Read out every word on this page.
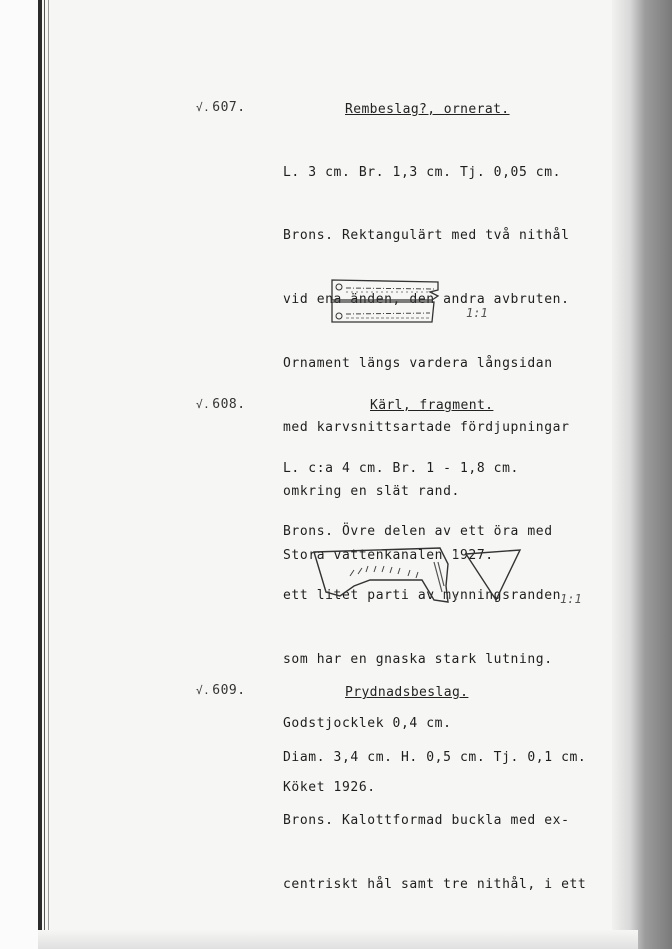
√. 607.	Rembeslag?, ornerat.

L. 3 cm. Br. 1,3 cm. Tj. 0,05 cm.

Brons. Rektangulärt med två nithål

vid ena änden, den andra avbruten.

Ornament längs vardera långsidan

med karvsnittsartade fördjupningar

omkring en slät rand.

Stora vattenkanalen 1927.

1:1
√. 608.	Kärl, fragment.

L. c:a 4 cm. Br. 1 - 1,8 cm.

Brons. Övre delen av ett öra med

ett litet parti av mynningsranden

som har en gnaska stark lutning.

Godstjocklek 0,4 cm.

Köket 1926.

1:1
√. 609.	Prydnadsbeslag.

Diam. 3,4 cm. H. 0,5 cm. Tj. 0,1 cm.

Brons. Kalottformad buckla med ex-

centriskt hål samt tre nithål, i ett
